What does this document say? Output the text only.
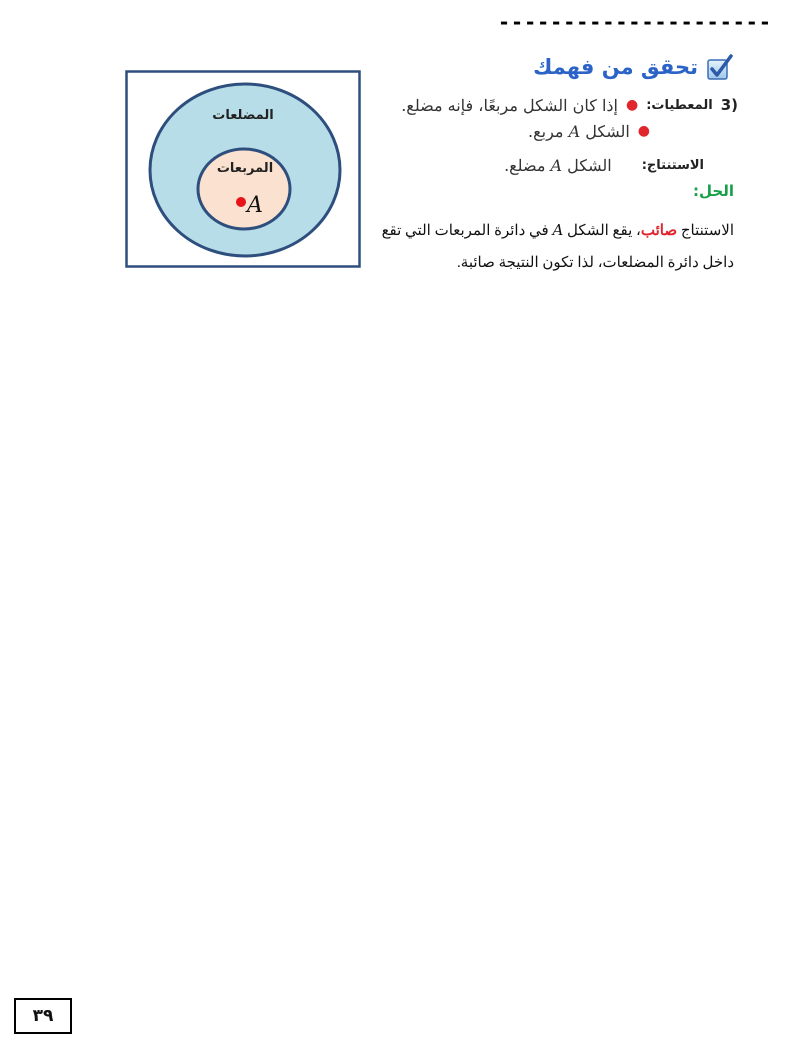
---------------------
تحقق من فهمك
(3
المعطيات:
●
إذا كان الشكل مربعًا، فإنه مضلع.
●
الشكل

A

مربع.
الاستنتاج:
الشكل

A

مضلع.
الحل:
الاستنتاج صائب، يقع الشكل A في دائرة المربعات التي تقع داخل دائرة المضلعات، لذا تكون النتيجة صائبة.
المضلعات
المربعات
A
٣٩
